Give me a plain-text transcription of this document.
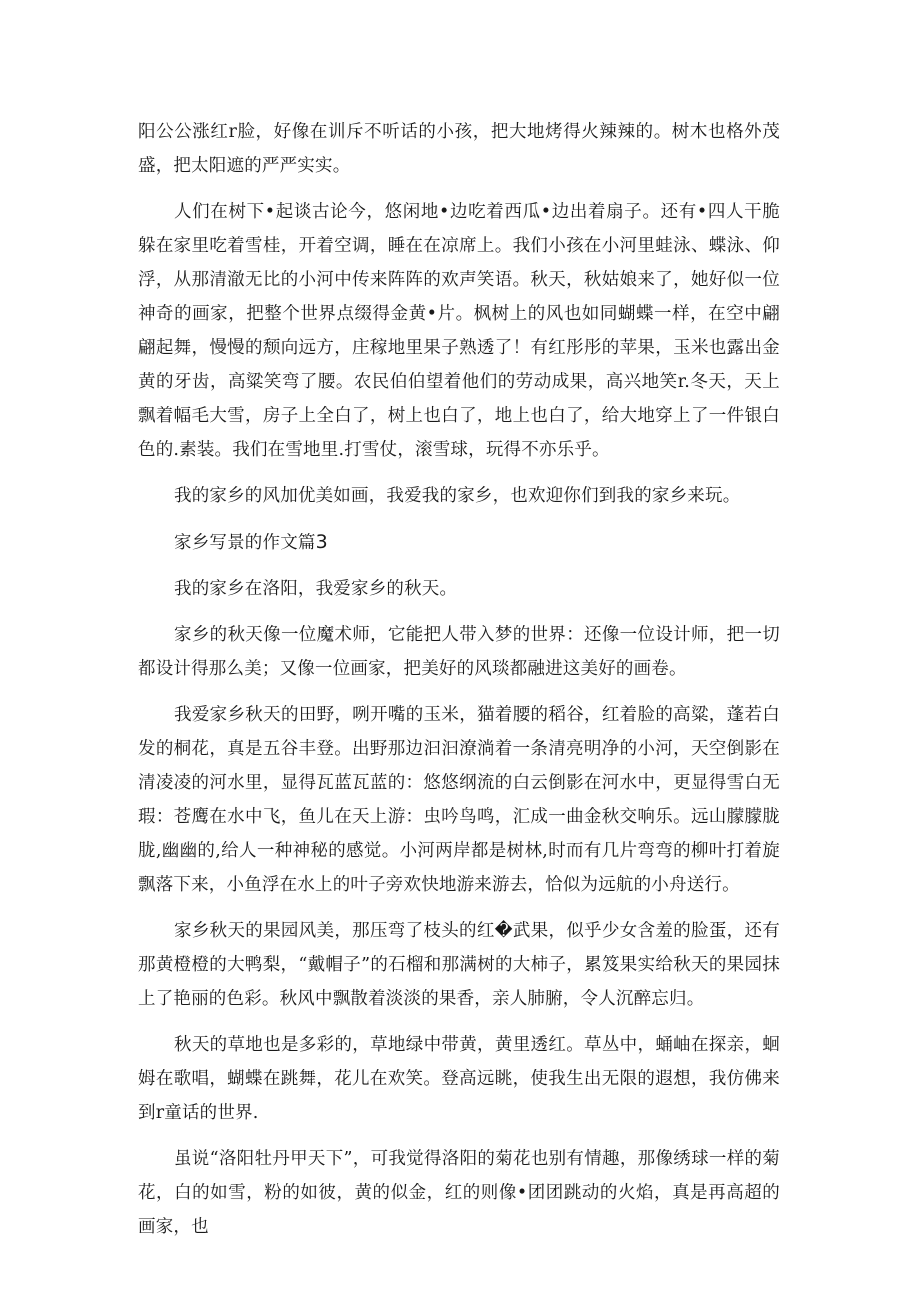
阳公公涨红r脸，好像在训斥不听话的小孩，把大地烤得火辣辣的。树木也格外茂盛，把太阳遮的严严实实。

人们在树下•起谈古论今，悠闲地•边吃着西瓜•边出着扇子。还有•四人干脆躲在家里吃着雪桂，开着空调，睡在在凉席上。我们小孩在小河里蛙泳、蝶泳、仰浮，从那清澈无比的小河中传来阵阵的欢声笑语。秋天，秋姑娘来了，她好似一位神奇的画家，把整个世界点缀得金黄•片。枫树上的风也如同蝴蝶一样，在空中翩翩起舞，慢慢的颓向远方，庄稼地里果子熟透了！有红彤彤的苹果，玉米也露出金黄的牙齿，高粱笑弯了腰。农民伯伯望着他们的劳动成果，高兴地笑r.冬天，天上飘着幅毛大雪，房子上全白了，树上也白了，地上也白了，给大地穿上了一件银白色的.素装。我们在雪地里.打雪仗，滚雪球，玩得不亦乐乎。

我的家乡的风加优美如画，我爱我的家乡，也欢迎你们到我的家乡来玩。

家乡写景的作文篇3

我的家乡在洛阳，我爱家乡的秋天。

家乡的秋天像一位魔术师，它能把人带入梦的世界：还像一位设计师，把一切都设计得那么美；又像一位画家，把美好的风琰都融进这美好的画卷。

我爱家乡秋天的田野，咧开嘴的玉米，猫着腰的稻谷，红着脸的高粱，蓬若白发的桐花，真是五谷丰登。出野那边汩汩潦淌着一条清亮明净的小河，天空倒影在清凌凌的河水里，显得瓦蓝瓦蓝的：悠悠纲流的白云倒影在河水中，更显得雪白无瑕：苍鹰在水中飞，鱼儿在天上游：虫吟鸟鸣，汇成一曲金秋交响乐。远山朦朦胧胧,幽幽的,给人一种神秘的感觉。小河两岸都是树林,时而有几片弯弯的柳叶打着旋飘落下来，小鱼浮在水上的叶子旁欢快地游来游去，恰似为远航的小舟送行。

家乡秋天的果园风美，那压弯了枝头的红�武果，似乎少女含羞的脸蛋，还有那黄橙橙的大鸭梨，“戴帽子”的石榴和那满树的大柿子，累笈果实给秋天的果园抹上了艳丽的色彩。秋风中飘散着淡淡的果香，亲人肺腑，令人沉醉忘归。

秋天的草地也是多彩的，草地绿中带黄，黄里透红。草丛中，蛹岫在探亲，蛔姆在歌唱，蝴蝶在跳舞，花儿在欢笑。登高远眺，使我生出无限的遐想，我仿佛来到r童话的世界.

虽说“洛阳牡丹甲天下”，可我觉得洛阳的菊花也别有情趣，那像绣球一样的菊花，白的如雪，粉的如彼，黄的似金，红的则像•团团跳动的火焰，真是再高超的画家，也
